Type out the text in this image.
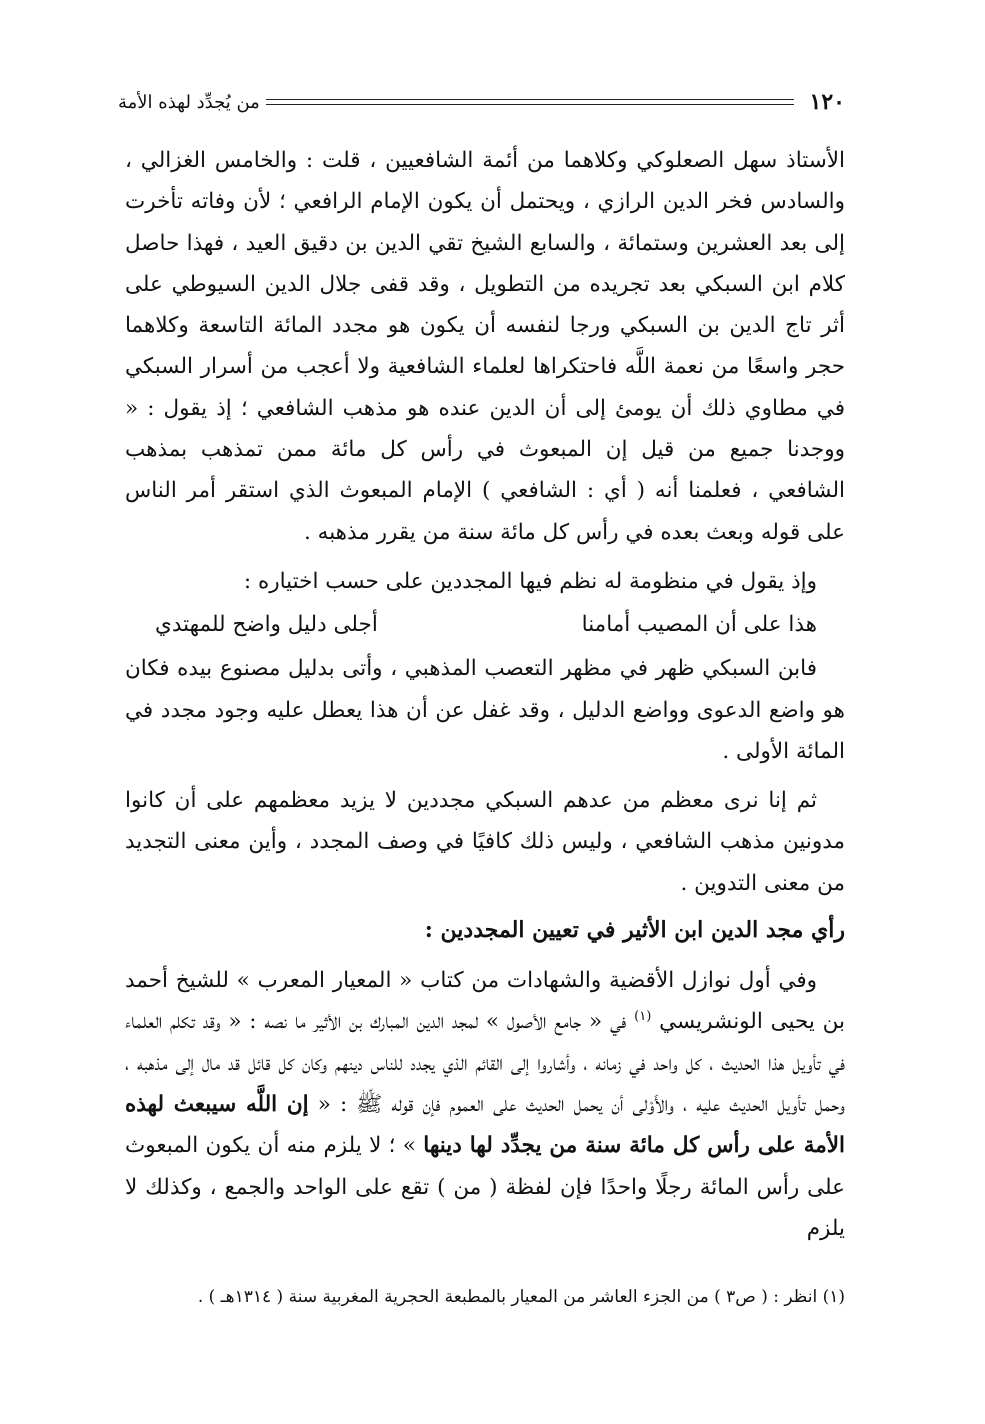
١٢٠
من يُجدِّد لهذه الأمة

الأستاذ سهل الصعلوكي وكلاهما من أئمة الشافعيين ، قلت : والخامس الغزالي ، والسادس فخر الدين الرازي ، ويحتمل أن يكون الإمام الرافعي ؛ لأن وفاته تأخرت إلى بعد العشرين وستمائة ، والسابع الشيخ تقي الدين بن دقيق العيد ، فهذا حاصل كلام ابن السبكي بعد تجريده من التطويل ، وقد قفى جلال الدين السيوطي على أثر تاج الدين بن السبكي ورجا لنفسه أن يكون هو مجدد المائة التاسعة وكلاهما حجر واسعًا من نعمة اللَّه فاحتكراها لعلماء الشافعية ولا أعجب من أسرار السبكي في مطاوي ذلك أن يومئ إلى أن الدين عنده هو مذهب الشافعي ؛ إذ يقول : « ووجدنا جميع من قيل إن المبعوث في رأس كل مائة ممن تمذهب بمذهب الشافعي ، فعلمنا أنه ( أي : الشافعي ) الإمام المبعوث الذي استقر أمر الناس على قوله وبعث بعده في رأس كل مائة سنة من يقرر مذهبه .

وإذ يقول في منظومة له نظم فيها المجددين على حسب اختياره :

هذا على أن المصيب أمامنا
أجلى دليل واضح للمهتدي

فابن السبكي ظهر في مظهر التعصب المذهبي ، وأتى بدليل مصنوع بيده فكان هو واضع الدعوى وواضع الدليل ، وقد غفل عن أن هذا يعطل عليه وجود مجدد في المائة الأولى .

ثم إنا نرى معظم من عدهم السبكي مجددين لا يزيد معظمهم على أن كانوا مدونين مذهب الشافعي ، وليس ذلك كافيًا في وصف المجدد ، وأين معنى التجديد من معنى التدوين .

رأي مجد الدين ابن الأثير في تعيين المجددين :

وفي أول نوازل الأقضية والشهادات من كتاب « المعيار المعرب » للشيخ أحمد بن يحيى الونشريسي $^{(١)}$ في « جامع الأصول » لمجد الدين المبارك بن الأثير ما نصه : « وقد تكلم العلماء في تأويل هذا الحديث ، كل واحد في زمانه ، وأشاروا إلى القائم الذي يجدد للناس دينهم وكان كل قائل قد مال إلى مذهبه ، وحمل تأويل الحديث عليه ، والأَوْلى أن يحمل الحديث على العموم فإن قوله ﷺ : « إن اللَّه سيبعث لهذه الأمة على رأس كل مائة سنة من يجدِّد لها دينها » ؛ لا يلزم منه أن يكون المبعوث على رأس المائة رجلًا واحدًا فإن لفظة ( من ) تقع على الواحد والجمع ، وكذلك لا يلزم

(١) انظر : ( ص٣ ) من الجزء العاشر من المعيار بالمطبعة الحجرية المغربية سنة ( ١٣١٤هـ ) .
